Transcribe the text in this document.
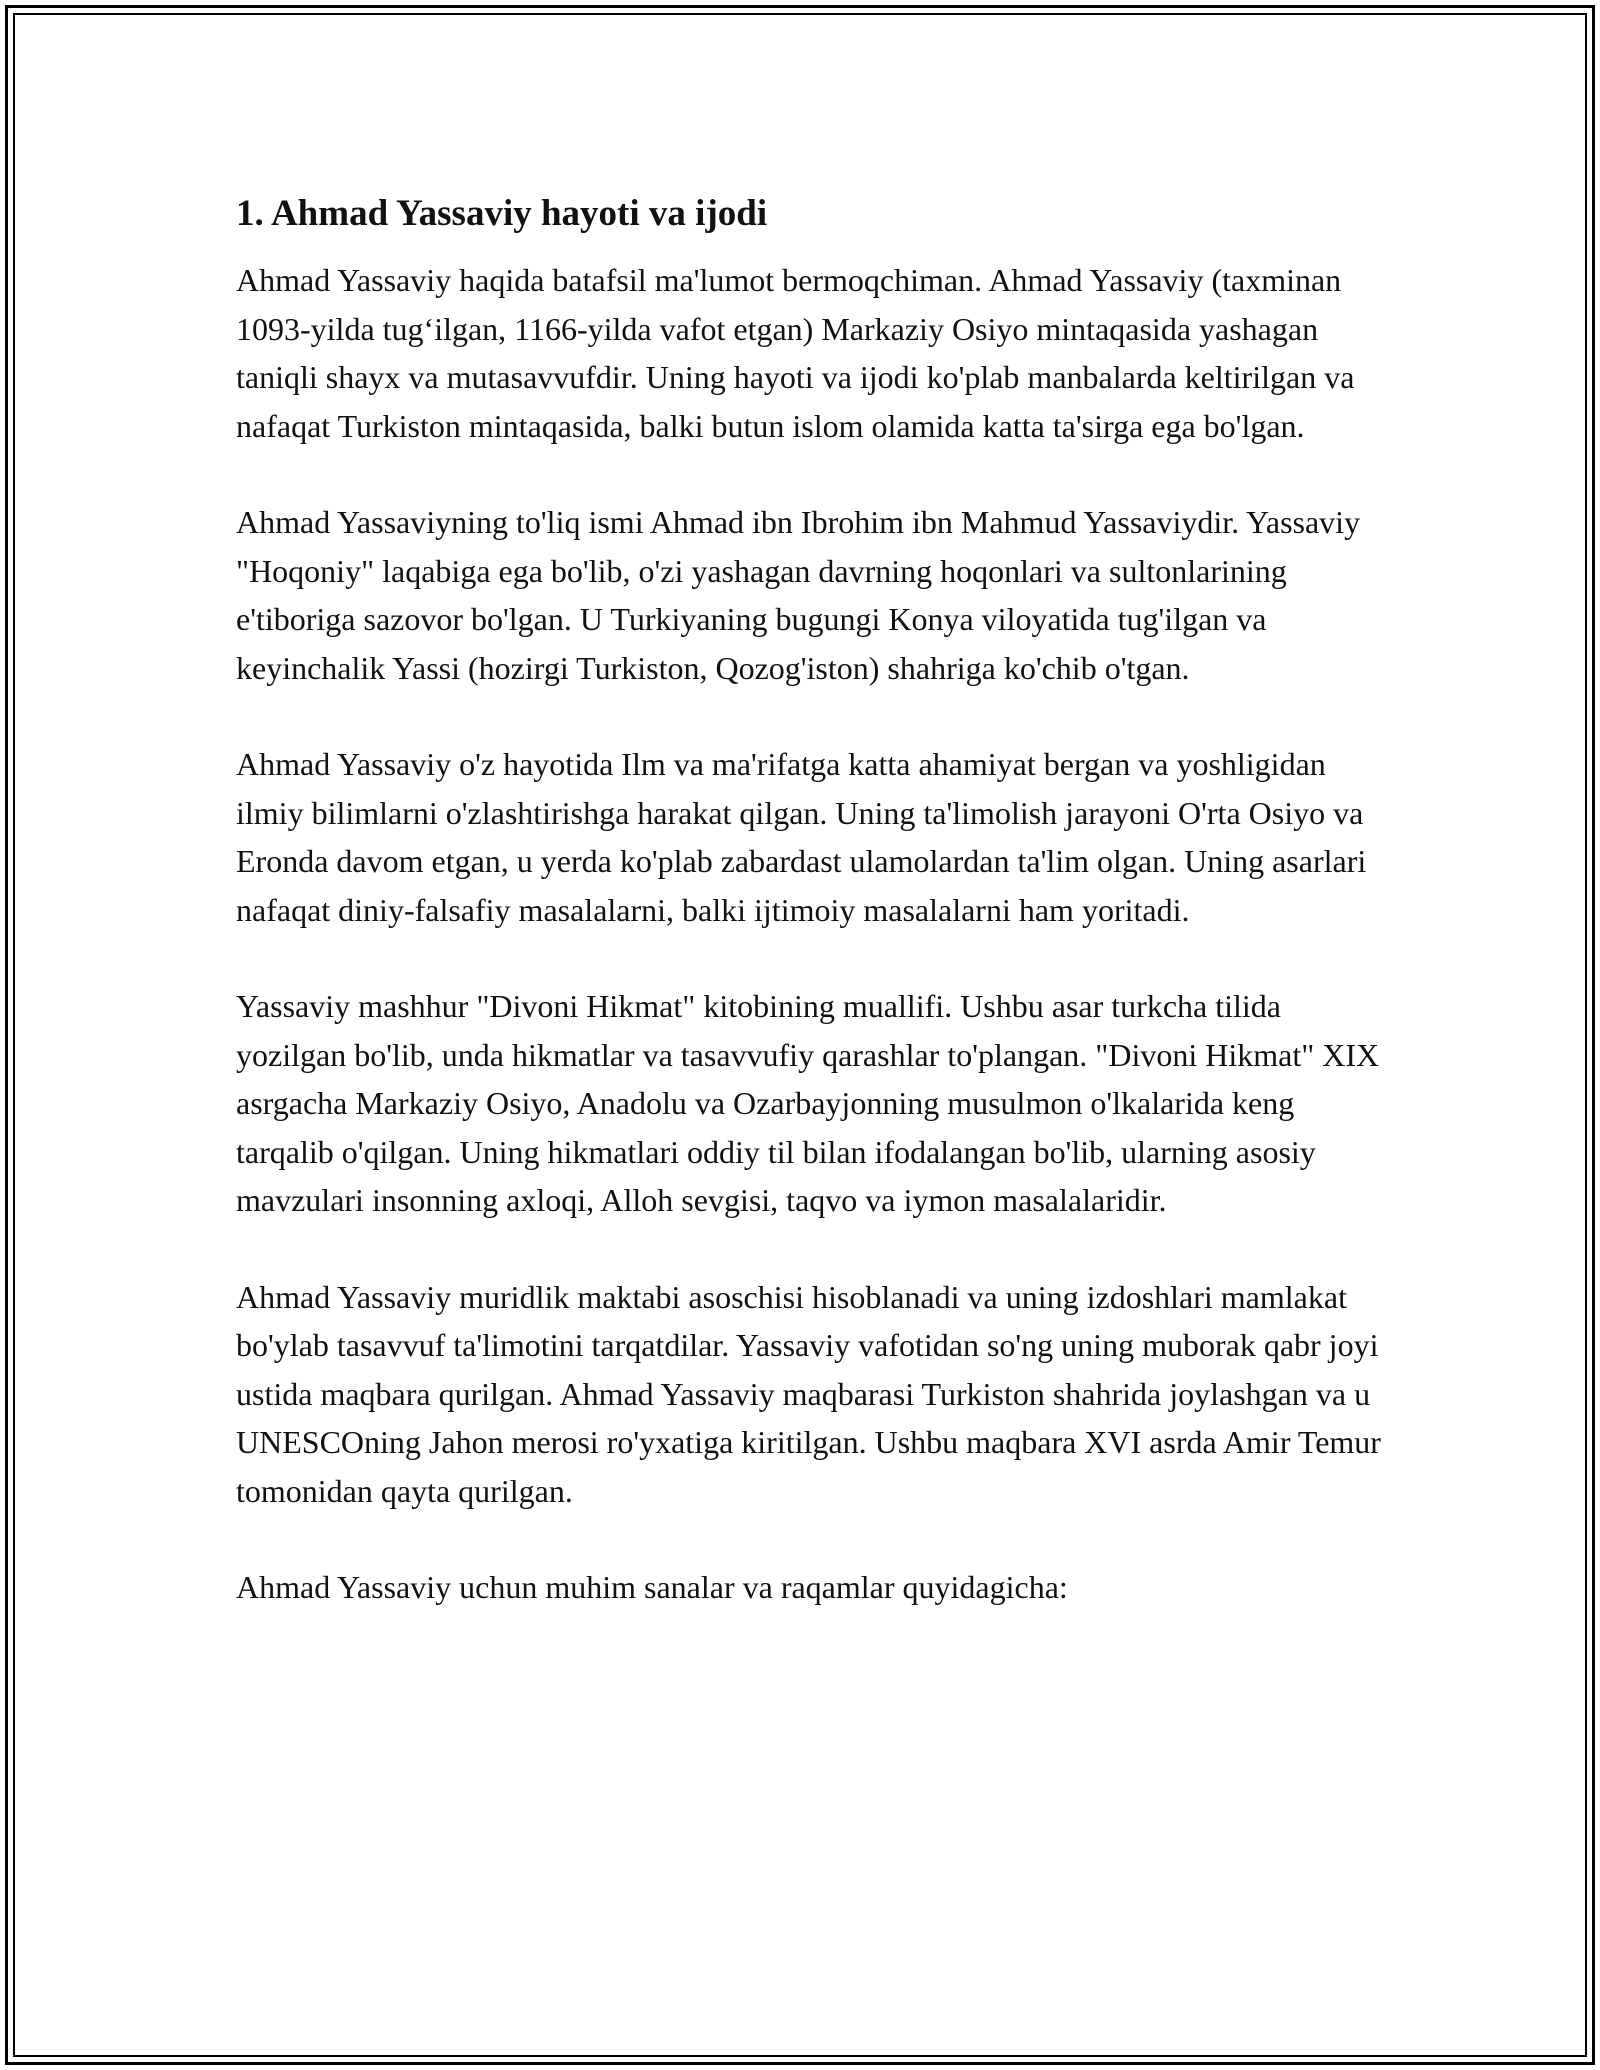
1. Ahmad Yassaviy hayoti va ijodi

Ahmad Yassaviy haqida batafsil ma'lumot bermoqchiman. Ahmad Yassaviy (taxminan 1093-yilda tug‘ilgan, 1166-yilda vafot etgan) Markaziy Osiyo mintaqasida yashagan taniqli shayx va mutasavvufdir. Uning hayoti va ijodi ko'plab manbalarda keltirilgan va nafaqat Turkiston mintaqasida, balki butun islom olamida katta ta'sirga ega bo'lgan.

Ahmad Yassaviyning to'liq ismi Ahmad ibn Ibrohim ibn Mahmud Yassaviydir. Yassaviy "Hoqoniy" laqabiga ega bo'lib, o'zi yashagan davrning hoqonlari va sultonlarining e'tiboriga sazovor bo'lgan. U Turkiyaning bugungi Konya viloyatida tug'ilgan va keyinchalik Yassi (hozirgi Turkiston, Qozog'iston) shahriga ko'chib o'tgan.

Ahmad Yassaviy o'z hayotida Ilm va ma'rifatga katta ahamiyat bergan va yoshligidan ilmiy bilimlarni o'zlashtirishga harakat qilgan. Uning ta'limolish jarayoni O'rta Osiyo va Eronda davom etgan, u yerda ko'plab zabardast ulamolardan ta'lim olgan. Uning asarlari nafaqat diniy-falsafiy masalalarni, balki ijtimoiy masalalarni ham yoritadi.

Yassaviy mashhur "Divoni Hikmat" kitobining muallifi. Ushbu asar turkcha tilida yozilgan bo'lib, unda hikmatlar va tasavvufiy qarashlar to'plangan. "Divoni Hikmat" XIX asrgacha Markaziy Osiyo, Anadolu va Ozarbayjonning musulmon o'lkalarida keng tarqalib o'qilgan. Uning hikmatlari oddiy til bilan ifodalangan bo'lib, ularning asosiy mavzulari insonning axloqi, Alloh sevgisi, taqvo va iymon masalalaridir.

Ahmad Yassaviy muridlik maktabi asoschisi hisoblanadi va uning izdoshlari mamlakat bo'ylab tasavvuf ta'limotini tarqatdilar. Yassaviy vafotidan so'ng uning muborak qabr joyi ustida maqbara qurilgan. Ahmad Yassaviy maqbarasi Turkiston shahrida joylashgan va u UNESCOning Jahon merosi ro'yxatiga kiritilgan. Ushbu maqbara XVI asrda Amir Temur tomonidan qayta qurilgan.

Ahmad Yassaviy uchun muhim sanalar va raqamlar quyidagicha:
